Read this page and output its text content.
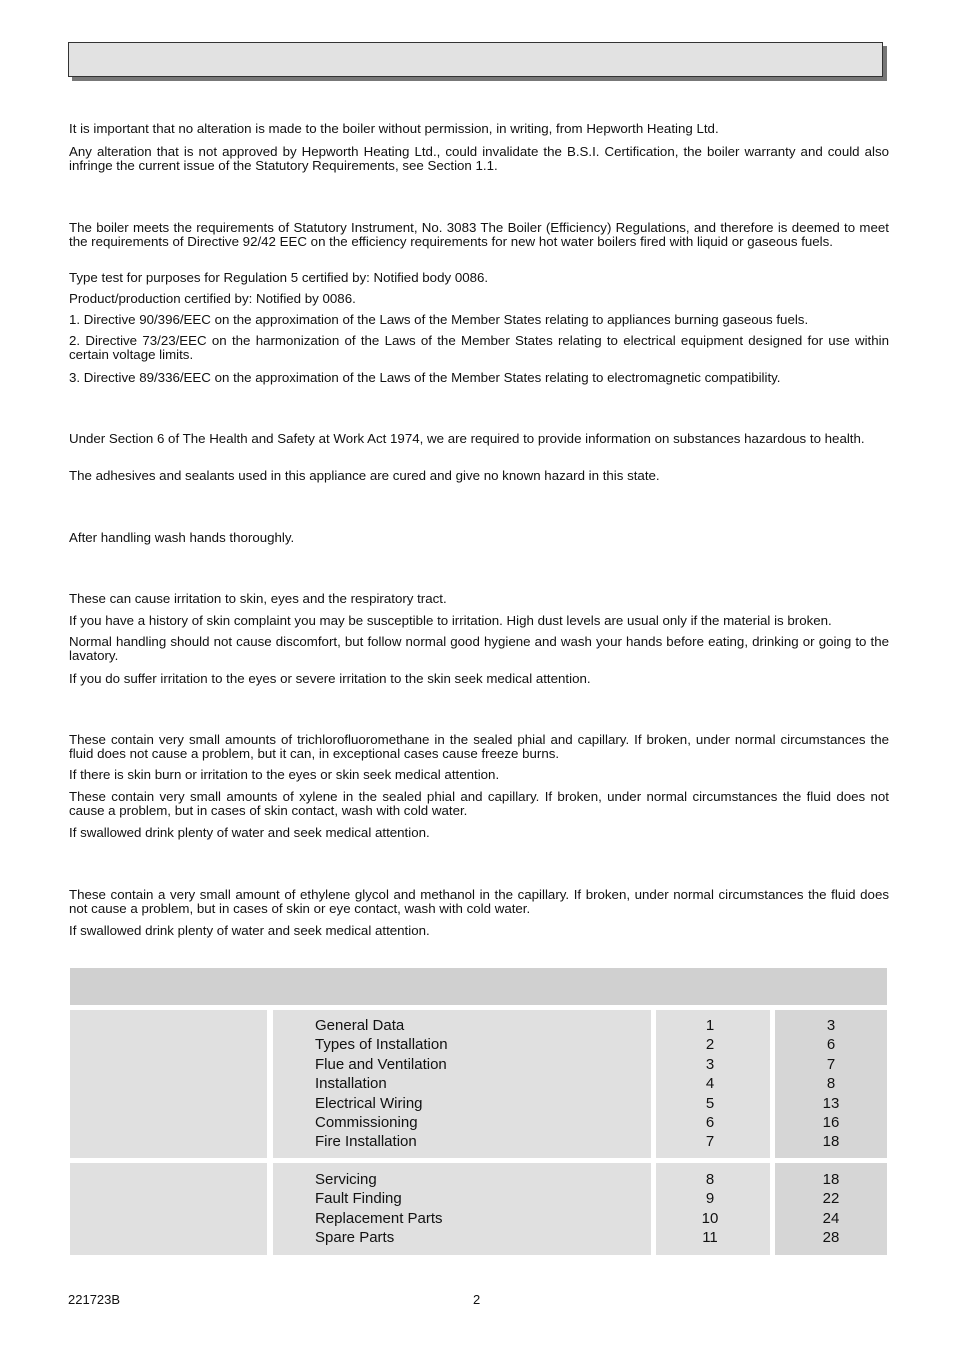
It is important that no alteration is made to the boiler without permission, in writing, from Hepworth Heating Ltd.

Any alteration that is not approved by Hepworth Heating Ltd., could invalidate the B.S.I. Certification, the boiler warranty and could also infringe the current issue of the Statutory Requirements, see Section 1.1.

The boiler meets the requirements of Statutory Instrument, No. 3083 The Boiler (Efficiency) Regulations, and therefore is deemed to meet the requirements of Directive 92/42 EEC on the efficiency requirements for new hot water boilers fired with liquid or gaseous fuels.

Type test for purposes for Regulation 5 certified by: Notified body 0086.

Product/production certified by: Notified by 0086.

1. Directive 90/396/EEC on the approximation of the Laws of the Member States relating to appliances burning gaseous fuels.

2. Directive 73/23/EEC on the harmonization of the Laws of the Member States relating to electrical equipment designed for use within certain voltage limits.

3. Directive 89/336/EEC on the approximation of the Laws of the Member States relating to electromagnetic compatibility.

Under Section 6 of The Health and Safety at Work Act 1974, we are required to provide information on substances hazardous to health.

The adhesives and sealants used in this appliance are cured and give no known hazard in this state.

After handling wash hands thoroughly.

These can cause irritation to skin, eyes and the respiratory tract.

If you have a history of skin complaint you may be susceptible to irritation. High dust levels are usual only if the material is broken.

Normal handling should not cause discomfort, but follow normal good hygiene and wash your hands before eating, drinking or going to the lavatory.

If you do suffer irritation to the eyes or severe irritation to the skin seek medical attention.

These contain very small amounts of trichlorofluoromethane in the sealed phial and capillary. If broken, under normal circumstances the fluid does not cause a problem, but it can, in exceptional cases cause freeze burns.

If there is skin burn or irritation to the eyes or skin seek medical attention.

These contain very small amounts of xylene in the sealed phial and capillary. If broken, under normal circumstances the fluid does not cause a problem, but in cases of skin contact, wash with cold water.

If swallowed drink plenty of water and seek medical attention.

These contain a very small amount of ethylene glycol and methanol in the capillary. If broken, under normal circumstances the fluid does not cause a problem, but in cases of skin or eye contact, wash with cold water.

If swallowed drink plenty of water and seek medical attention.

General Data
Types of Installation
Flue and Ventilation
Installation
Electrical Wiring
Commissioning
Fire Installation
1
2
3
4
5
6
7
3
6
7
8
13
16
18
Servicing
Fault Finding
Replacement Parts
Spare Parts
8
9
10
11
18
22
24
28
221723B	2
